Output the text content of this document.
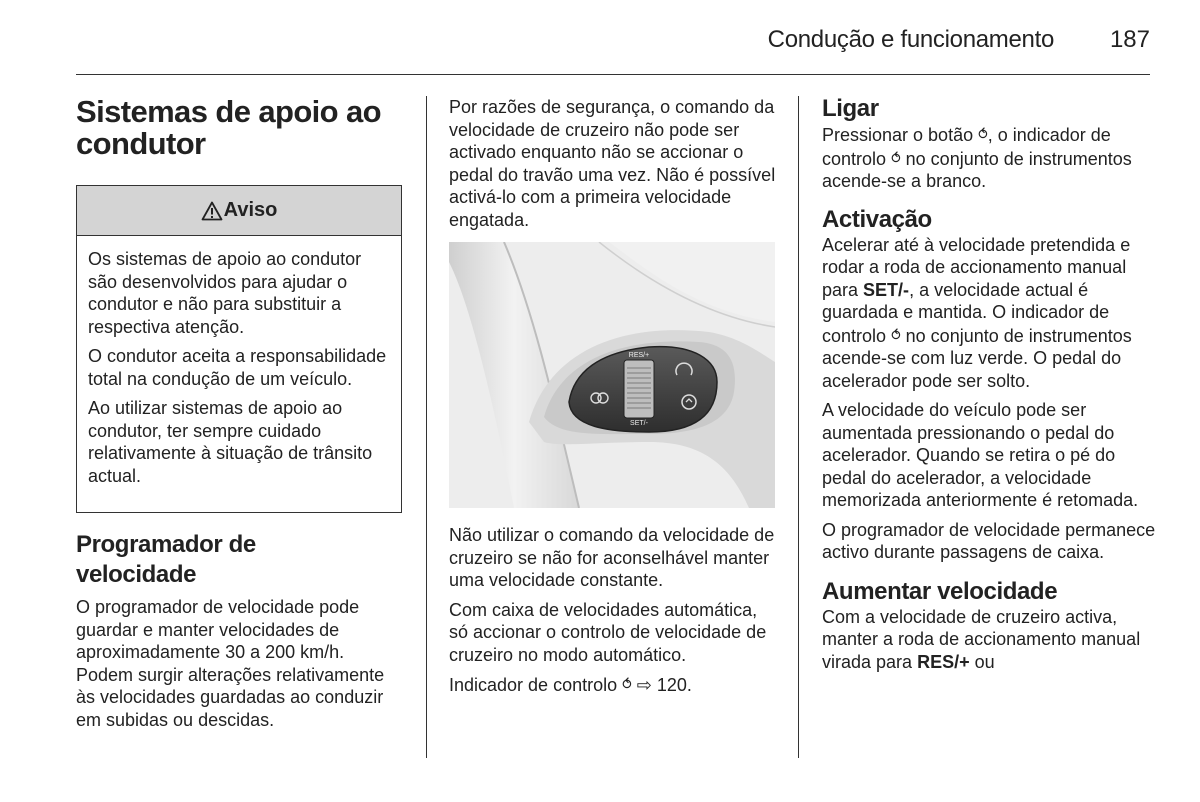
Condução e funcionamento 187
Sistemas de apoio ao condutor
Aviso

Os sistemas de apoio ao condutor são desenvolvidos para ajudar o condutor e não para substituir a respectiva atenção.

O condutor aceita a responsabilidade total na condução de um veículo.

Ao utilizar sistemas de apoio ao condutor, ter sempre cuidado relativamente à situação de trânsito actual.

Programador de velocidade

O programador de velocidade pode guardar e manter velocidades de aproximadamente 30 a 200 km/h. Podem surgir alterações relativamente às velocidades guardadas ao conduzir em subidas ou descidas.

Por razões de segurança, o comando da velocidade de cruzeiro não pode ser activado enquanto não se accionar o pedal do travão uma vez. Não é possível activá-lo com a primeira velocidade engatada.

RES/+
SET/-

Não utilizar o comando da velocidade de cruzeiro se não for aconselhável manter uma velocidade constante.

Com caixa de velocidades automática, só accionar o controlo de velocidade de cruzeiro no modo automático.

Indicador de controlo ⥀ ⇨ 120.

Ligar

Pressionar o botão ⥀, o indicador de controlo ⥀ no conjunto de instrumentos acende-se a branco.

Activação

Acelerar até à velocidade pretendida e rodar a roda de accionamento manual para SET/-, a velocidade actual é guardada e mantida. O indicador de controlo ⥀ no conjunto de instrumentos acende-se com luz verde. O pedal do acelerador pode ser solto.

A velocidade do veículo pode ser aumentada pressionando o pedal do acelerador. Quando se retira o pé do pedal do acelerador, a velocidade memorizada anteriormente é retomada.

O programador de velocidade permanece activo durante passagens de caixa.

Aumentar velocidade

Com a velocidade de cruzeiro activa, manter a roda de accionamento manual virada para RES/+ ou
